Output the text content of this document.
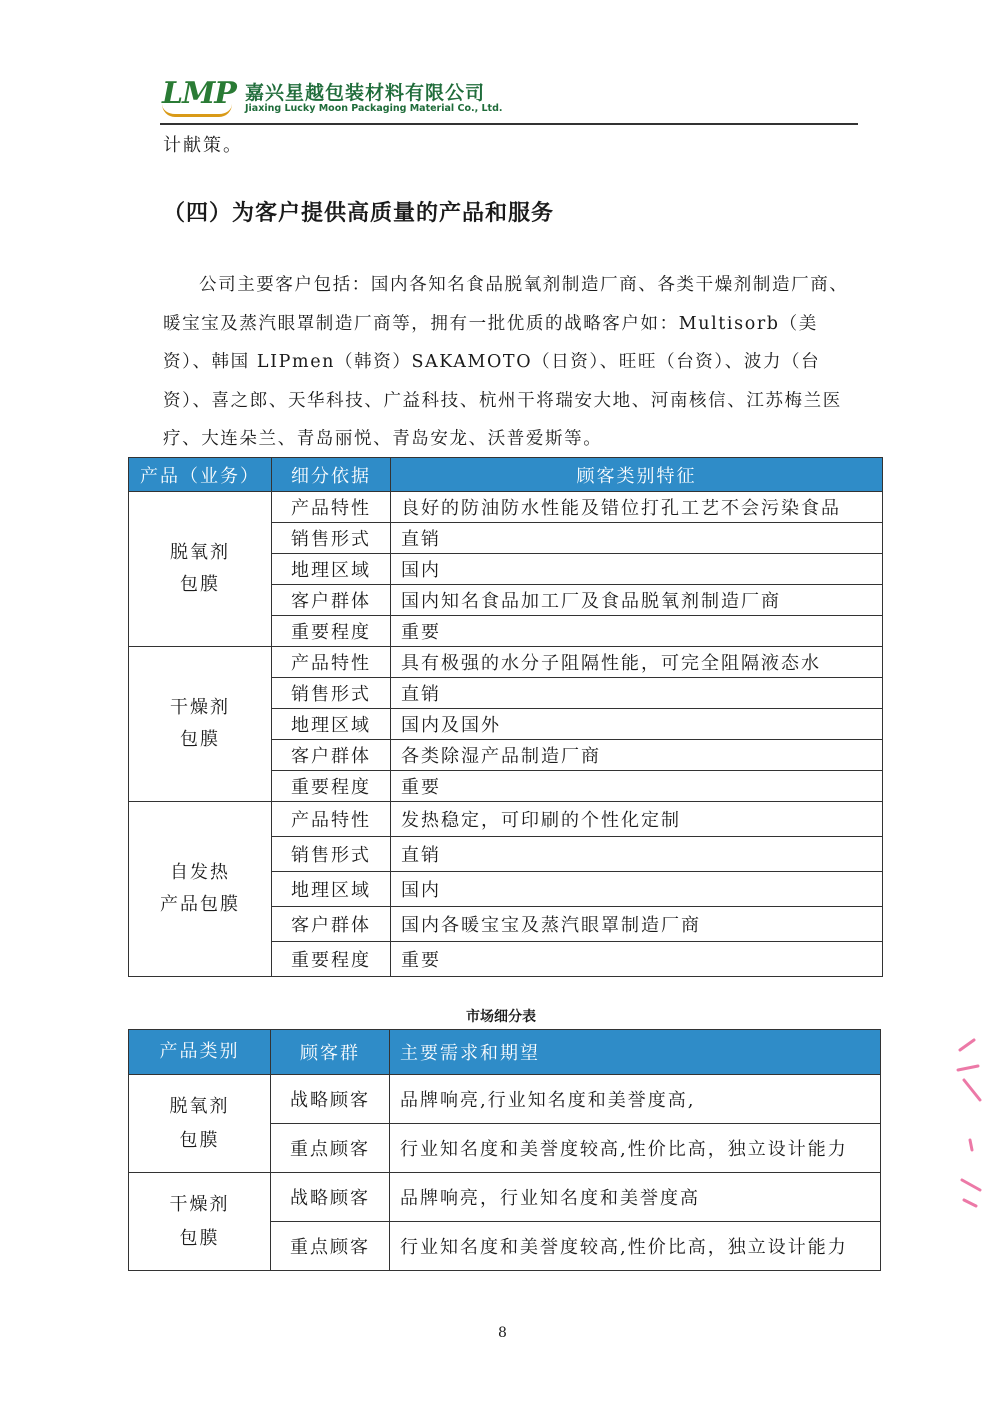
LMP 嘉兴星越包装材料有限公司
Jiaxing Lucky Moon Packaging Material Co., Ltd.
计献策。
（四）为客户提供高质量的产品和服务
公司主要客户包括：国内各知名食品脱氧剂制造厂商、各类干燥剂制造厂商、暖宝宝及蒸汽眼罩制造厂商等，拥有一批优质的战略客户如：Multisorb（美资）、韩国 LIPmen（韩资）SAKAMOTO（日资）、旺旺（台资）、波力（台资）、喜之郎、天华科技、广益科技、杭州干将瑞安大地、河南核信、江苏梅兰医疗、大连朵兰、青岛丽悦、青岛安龙、沃普爱斯等。
产品（业务）	细分依据	顾客类别特征
脱氧剂
包膜	产品特性	良好的防油防水性能及错位打孔工艺不会污染食品
	销售形式	直销
	地理区域	国内
	客户群体	国内知名食品加工厂及食品脱氧剂制造厂商
	重要程度	重要
干燥剂
包膜	产品特性	具有极强的水分子阻隔性能，可完全阻隔液态水
	销售形式	直销
	地理区域	国内及国外
	客户群体	各类除湿产品制造厂商
	重要程度	重要
自发热
产品包膜	产品特性	发热稳定，可印刷的个性化定制
	销售形式	直销
	地理区域	国内
	客户群体	国内各暖宝宝及蒸汽眼罩制造厂商
	重要程度	重要
市场细分表
产品类别	顾客群	主要需求和期望
脱氧剂
包膜	战略顾客	品牌响亮,行业知名度和美誉度高,
	重点顾客	行业知名度和美誉度较高,性价比高，独立设计能力
干燥剂
包膜	战略顾客	品牌响亮，行业知名度和美誉度高
	重点顾客	行业知名度和美誉度较高,性价比高，独立设计能力
8
